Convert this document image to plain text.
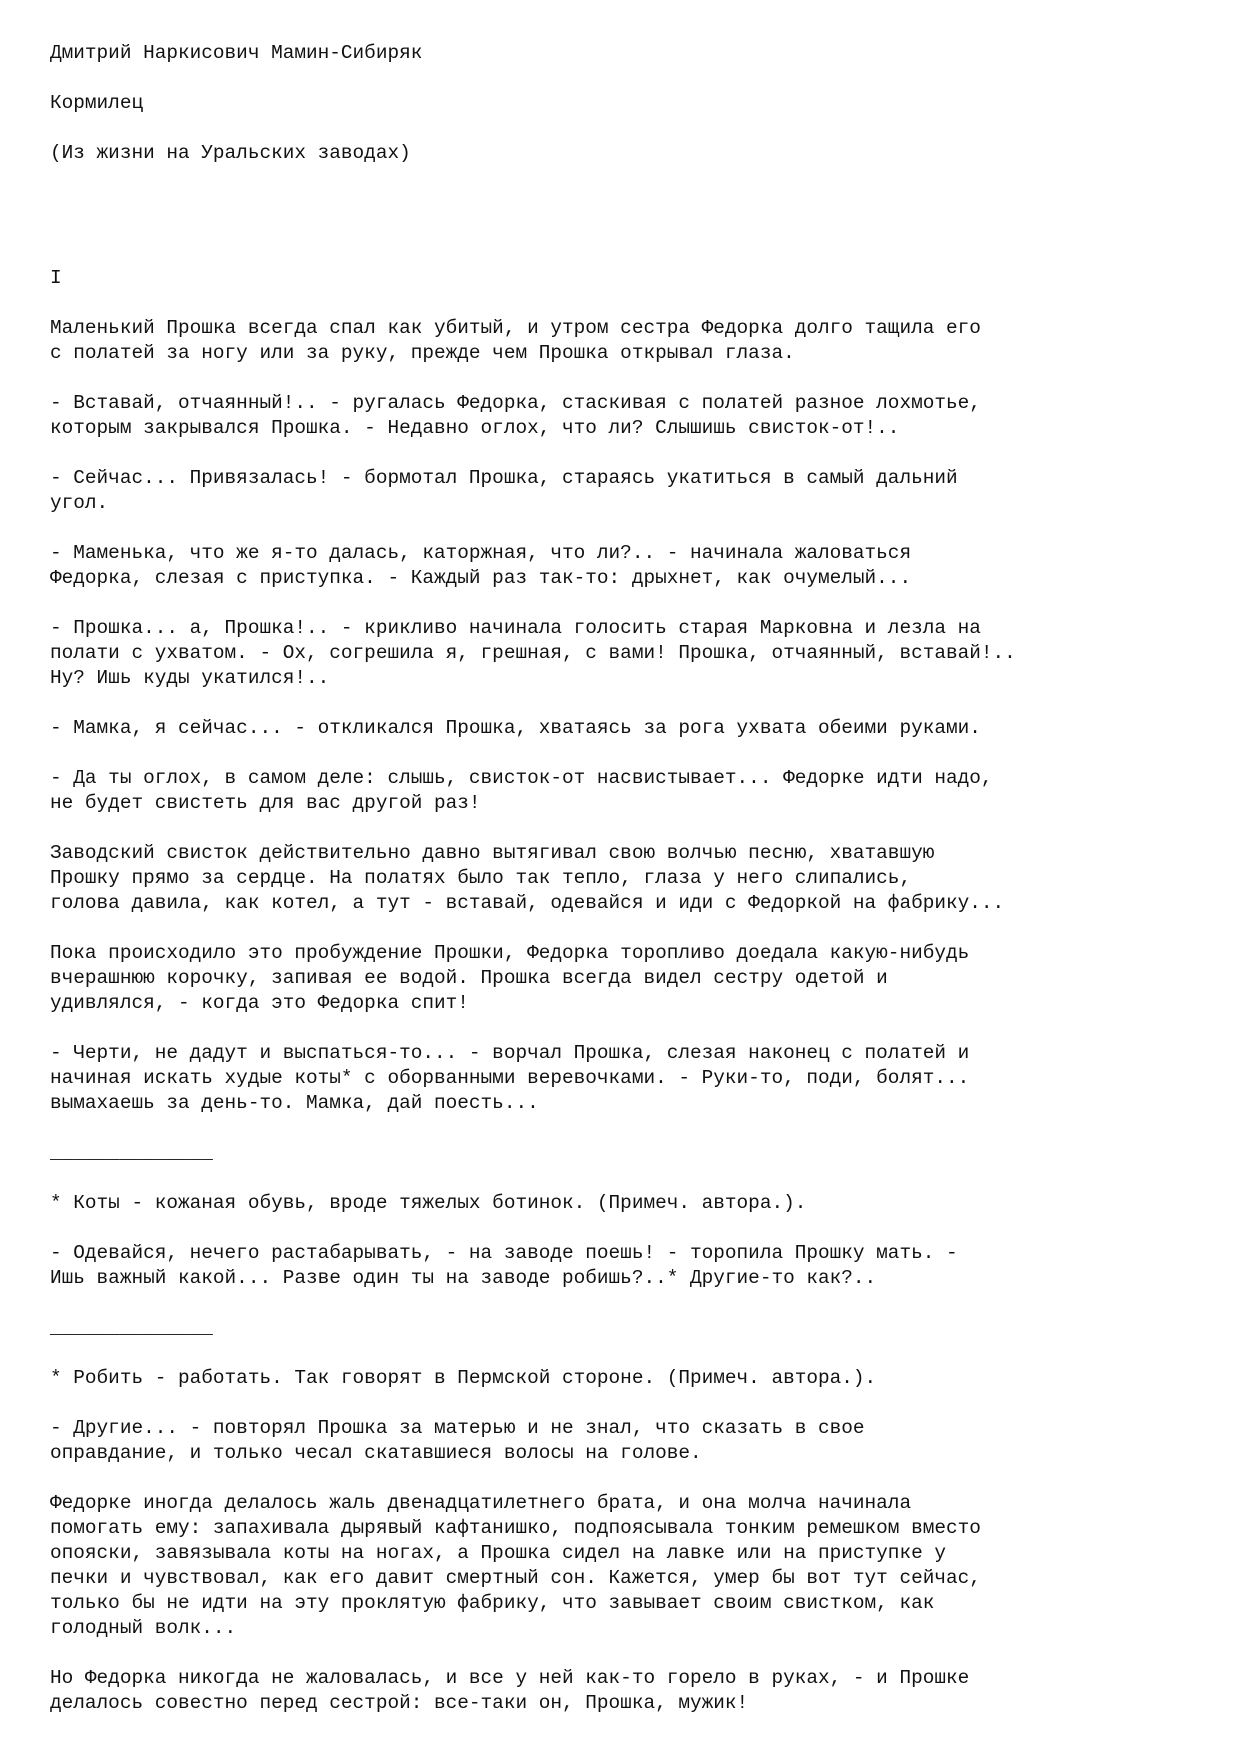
Дмитрий Наркисович Мамин-Сибиряк
Кормилец
(Из жизни на Уральских заводах)
I
Маленький Прошка всегда спал как убитый, и утром сестра Федорка долго тащила его
с полатей за ногу или за руку, прежде чем Прошка открывал глаза.
- Вставай, отчаянный!.. - ругалась Федорка, стаскивая с полатей разное лохмотье,
которым закрывался Прошка. - Недавно оглох, что ли? Слышишь свисток-от!..
- Сейчас... Привязалась! - бормотал Прошка, стараясь укатиться в самый дальний
угол.
- Маменька, что же я-то далась, каторжная, что ли?.. - начинала жаловаться
Федорка, слезая с приступка. - Каждый раз так-то: дрыхнет, как очумелый...
- Прошка... а, Прошка!.. - крикливо начинала голосить старая Марковна и лезла на
полати с ухватом. - Ох, согрешила я, грешная, с вами! Прошка, отчаянный, вставай!..
Ну? Ишь куды укатился!..
- Мамка, я сейчас... - откликался Прошка, хватаясь за рога ухвата обеими руками.
- Да ты оглох, в самом деле: слышь, свисток-от насвистывает... Федорке идти надо,
не будет свистеть для вас другой раз!
Заводский свисток действительно давно вытягивал свою волчью песню, хватавшую
Прошку прямо за сердце. На полатях было так тепло, глаза у него слипались,
голова давила, как котел, а тут - вставай, одевайся и иди с Федоркой на фабрику...
Пока происходило это пробуждение Прошки, Федорка торопливо доедала какую-нибудь
вчерашнюю корочку, запивая ее водой. Прошка всегда видел сестру одетой и
удивлялся, - когда это Федорка спит!
- Черти, не дадут и выспаться-то... - ворчал Прошка, слезая наконец с полатей и
начиная искать худые коты* с оборванными веревочками. - Руки-то, поди, болят...
вымахаешь за день-то. Мамка, дай поесть...
______________
* Коты - кожаная обувь, вроде тяжелых ботинок. (Примеч. автора.).
- Одевайся, нечего растабарывать, - на заводе поешь! - торопила Прошку мать. -
Ишь важный какой... Разве один ты на заводе робишь?..* Другие-то как?..
______________
* Робить - работать. Так говорят в Пермской стороне. (Примеч. автора.).
- Другие... - повторял Прошка за матерью и не знал, что сказать в свое
оправдание, и только чесал скатавшиеся волосы на голове.
Федорке иногда делалось жаль двенадцатилетнего брата, и она молча начинала
помогать ему: запахивала дырявый кафтанишко, подпоясывала тонким ремешком вместо
опояски, завязывала коты на ногах, а Прошка сидел на лавке или на приступке у
печки и чувствовал, как его давит смертный сон. Кажется, умер бы вот тут сейчас,
только бы не идти на эту проклятую фабрику, что завывает своим свистком, как
голодный волк...
Но Федорка никогда не жаловалась, и все у ней как-то горело в руках, - и Прошке
делалось совестно перед сестрой: все-таки он, Прошка, мужик!
